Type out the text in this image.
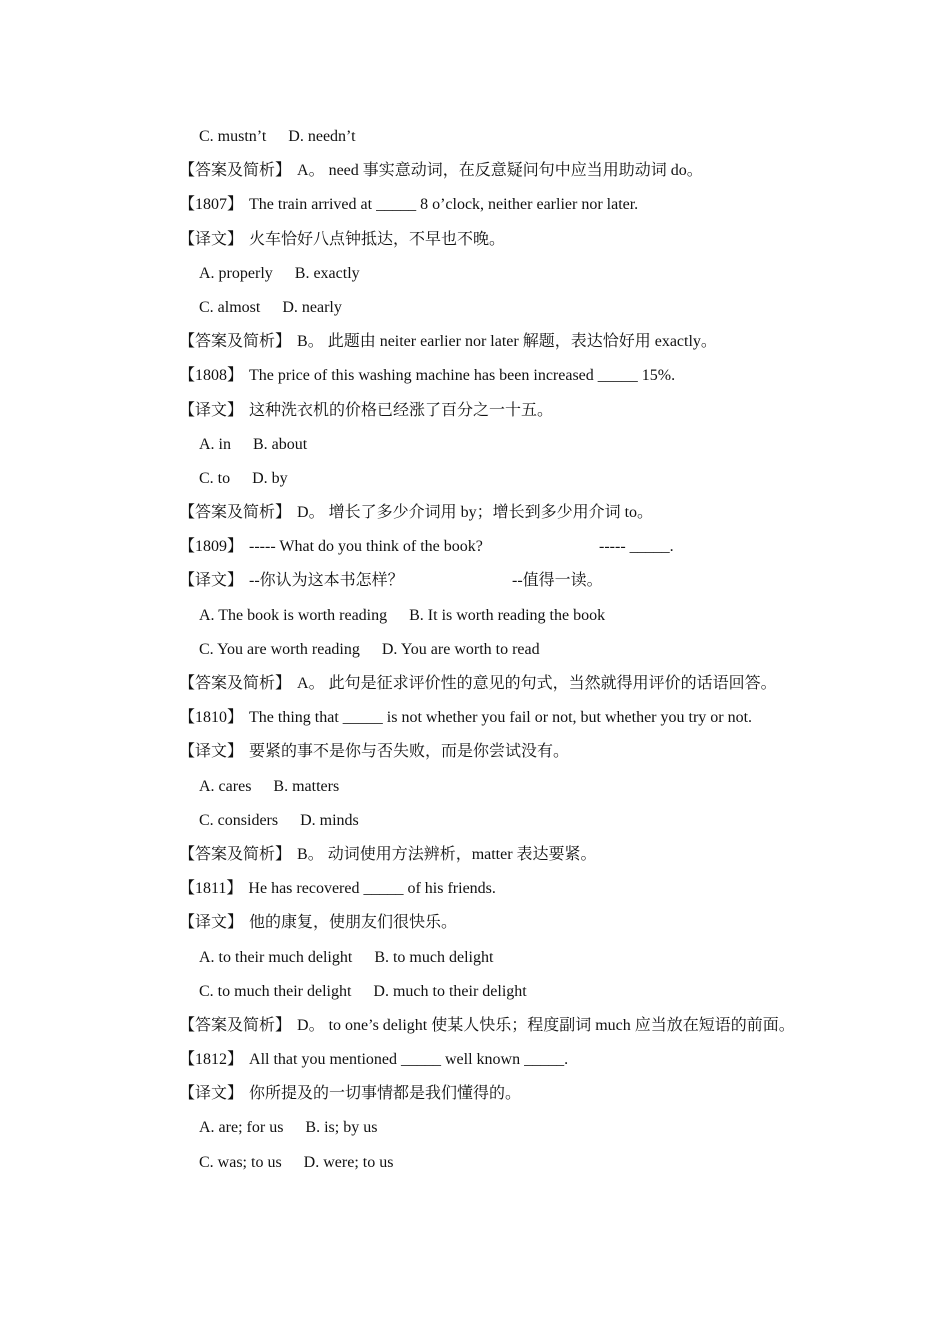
C. mustn’t D. needn’t
【答案及简析】 A。 need 事实意动词，在反意疑问句中应当用助动词 do。
【1807】 The train arrived at _____ 8 o’clock, neither earlier nor later.
【译文】 火车恰好八点钟抵达，不早也不晚。
A. properly B. exactly
C. almost D. nearly
【答案及简析】 B。 此题由 neiter earlier nor later 解题，表达恰好用 exactly。
【1808】 The price of this washing machine has been increased _____ 15%.
【译文】 这种洗衣机的价格已经涨了百分之一十五。
A. in B. about
C. to D. by
【答案及简析】 D。 增长了多少介词用 by；增长到多少用介词 to。
【1809】 ----- What do you think of the book?	----- _____.
【译文】 --你认为这本书怎样？	--值得一读。
A. The book is worth reading B. It is worth reading the book
C. You are worth reading D. You are worth to read
【答案及简析】 A。 此句是征求评价性的意见的句式，当然就得用评价的话语回答。
【1810】 The thing that _____ is not whether you fail or not, but whether you try or not.
【译文】 要紧的事不是你与否失败，而是你尝试没有。
A. cares B. matters
C. considers D. minds
【答案及简析】 B。 动词使用方法辨析，matter 表达要紧。
【1811】 He has recovered _____ of his friends.
【译文】 他的康复，使朋友们很快乐。
A. to their much delight B. to much delight
C. to much their delight D. much to their delight
【答案及简析】 D。 to one’s delight 使某人快乐；程度副词 much 应当放在短语的前面。
【1812】 All that you mentioned _____ well known _____.
【译文】 你所提及的一切事情都是我们懂得的。
A. are; for us B. is; by us
C. was; to us D. were; to us
